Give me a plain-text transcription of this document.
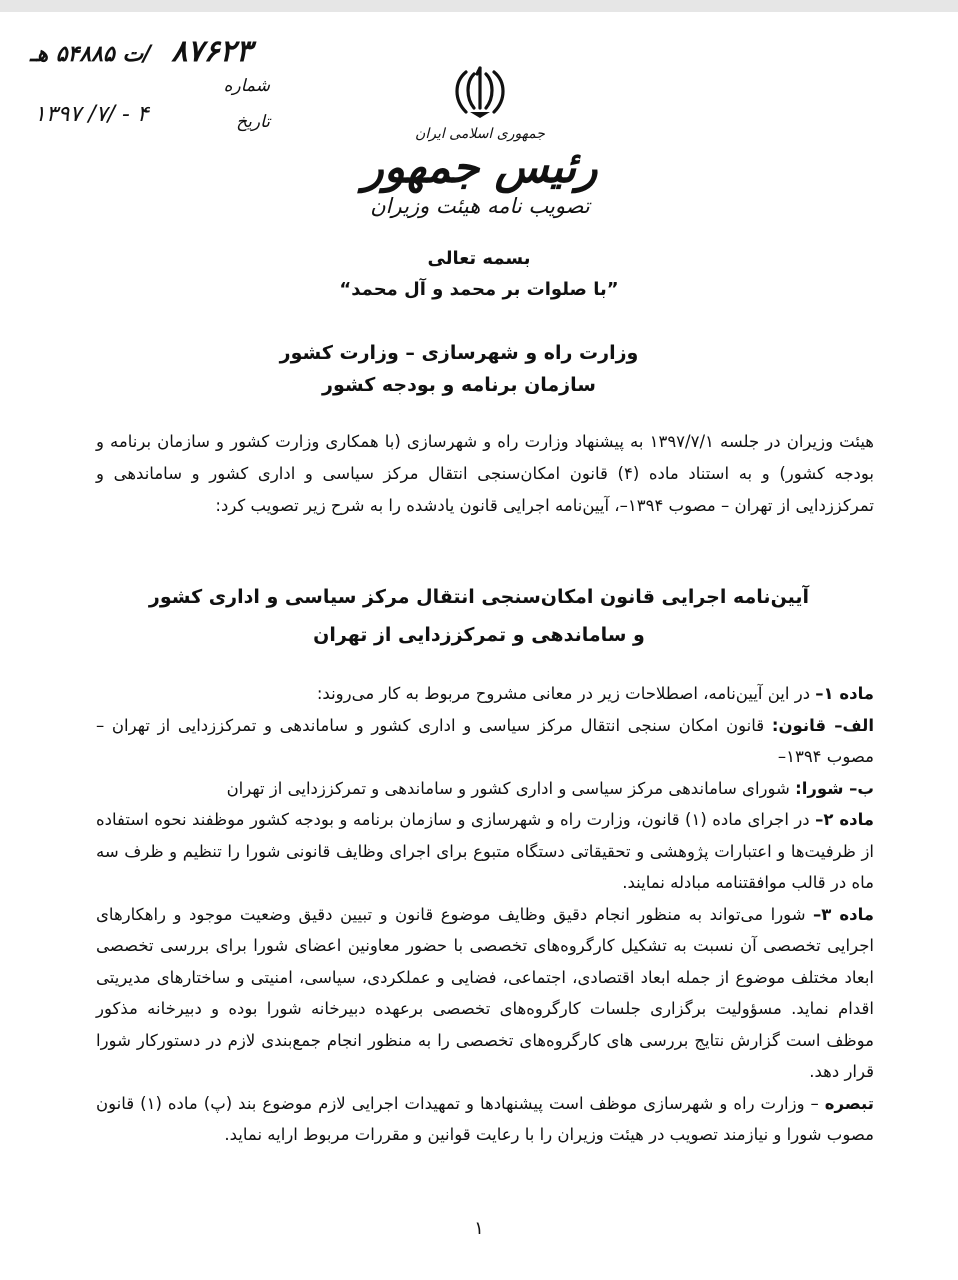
۸۷۶۲۳
/ت ۵۴۸۸۵ هـ
شماره
تاریخ
۱۳۹۷ /۷/ - ۴
جمهوری اسلامی ایران
رئیس جمهور
تصویب نامه هیئت وزیران
بسمه تعالی
”با صلوات بر محمد و آل محمد“
وزارت راه و شهرسازی – وزارت کشور
سازمان برنامه و بودجه کشور

هیئت وزیران در جلسه ۱۳۹۷/۷/۱ به پیشنهاد وزارت راه و شهرسازی (با همکاری وزارت کشور و سازمان برنامه و بودجه کشور) و به استناد ماده (۴) قانون امکان‌سنجی انتقال مرکز سیاسی و اداری کشور و ساماندهی و تمرکززدایی از تهران – مصوب ۱۳۹۴–، آیین‌نامه اجرایی قانون یادشده را به شرح زیر تصویب کرد:

آیین‌نامه اجرایی قانون امکان‌سنجی انتقال مرکز سیاسی و اداری کشور
و ساماندهی و تمرکززدایی از تهران

ماده ۱– در این آیین‌نامه، اصطلاحات زیر در معانی مشروح مربوط به کار می‌روند:

الف– قانون: قانون امکان سنجی انتقال مرکز سیاسی و اداری کشور و ساماندهی و تمرکززدایی از تهران – مصوب ۱۳۹۴–

ب– شورا: شورای ساماندهی مرکز سیاسی و اداری کشور و ساماندهی و تمرکززدایی از تهران

ماده ۲– در اجرای ماده (۱) قانون، وزارت راه و شهرسازی و سازمان برنامه و بودجه کشور موظفند نحوه استفاده از ظرفیت‌ها و اعتبارات پژوهشی و تحقیقاتی دستگاه متبوع برای اجرای وظایف قانونی شورا را تنظیم و ظرف سه ماه در قالب موافقتنامه مبادله نمایند.

ماده ۳– شورا می‌تواند به منظور انجام دقیق وظایف موضوع قانون و تبیین دقیق وضعیت موجود و راهکارهای اجرایی تخصصی آن نسبت به تشکیل کارگروه‌های تخصصی با حضور معاونین اعضای شورا برای بررسی تخصصی ابعاد مختلف موضوع از جمله ابعاد اقتصادی، اجتماعی، فضایی و عملکردی، سیاسی، امنیتی و ساختارهای مدیریتی اقدام نماید. مسؤولیت برگزاری جلسات کارگروه‌های تخصصی برعهده دبیرخانه شورا بوده و دبیرخانه مذکور موظف است گزارش نتایج بررسی های کارگروه‌های تخصصی را به منظور انجام جمع‌بندی لازم در دستورکار شورا قرار دهد.

تبصره – وزارت راه و شهرسازی موظف است پیشنهادها و تمهیدات اجرایی لازم موضوع بند (پ) ماده (۱) قانون مصوب شورا و نیازمند تصویب در هیئت وزیران را با رعایت قوانین و مقررات مربوط ارایه نماید.

۱
